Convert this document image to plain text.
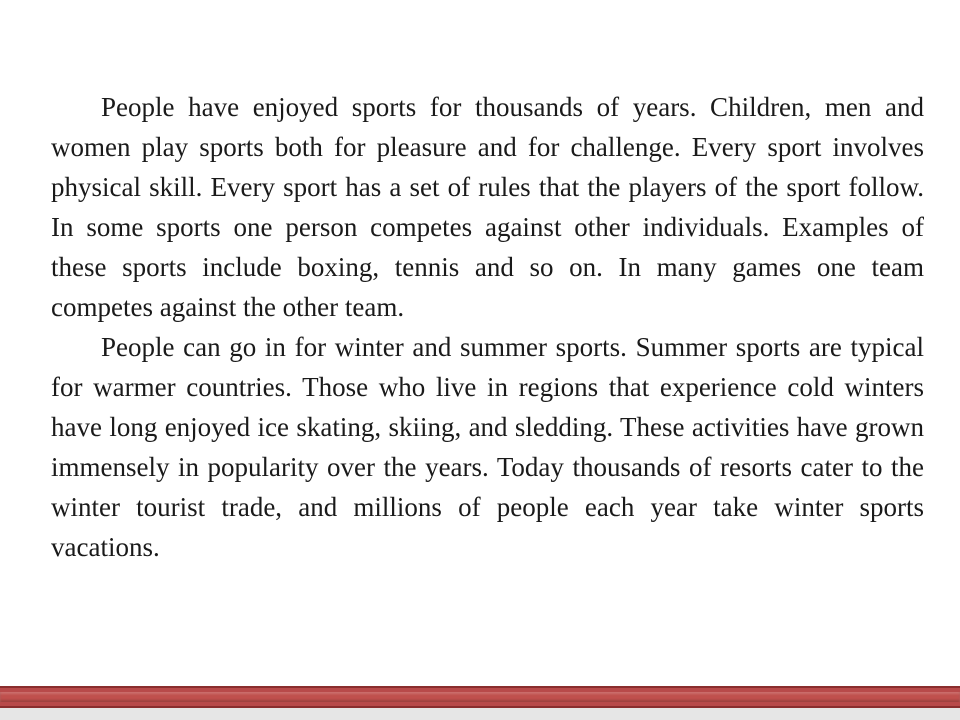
People have enjoyed sports for thousands of years. Children, men and women play sports both for pleasure and for challenge. Every sport involves physical skill. Every sport has a set of rules that the players of the sport follow. In some sports one person competes against other individuals. Examples of these sports include boxing, tennis and so on. In many games one team competes against the other team.

People can go in for winter and summer sports. Summer sports are typical for warmer countries. Those who live in regions that experience cold winters have long enjoyed ice skating, skiing, and sledding. These activities have grown immensely in popularity over the years. Today thousands of resorts cater to the winter tourist trade, and millions of people each year take winter sports vacations.
